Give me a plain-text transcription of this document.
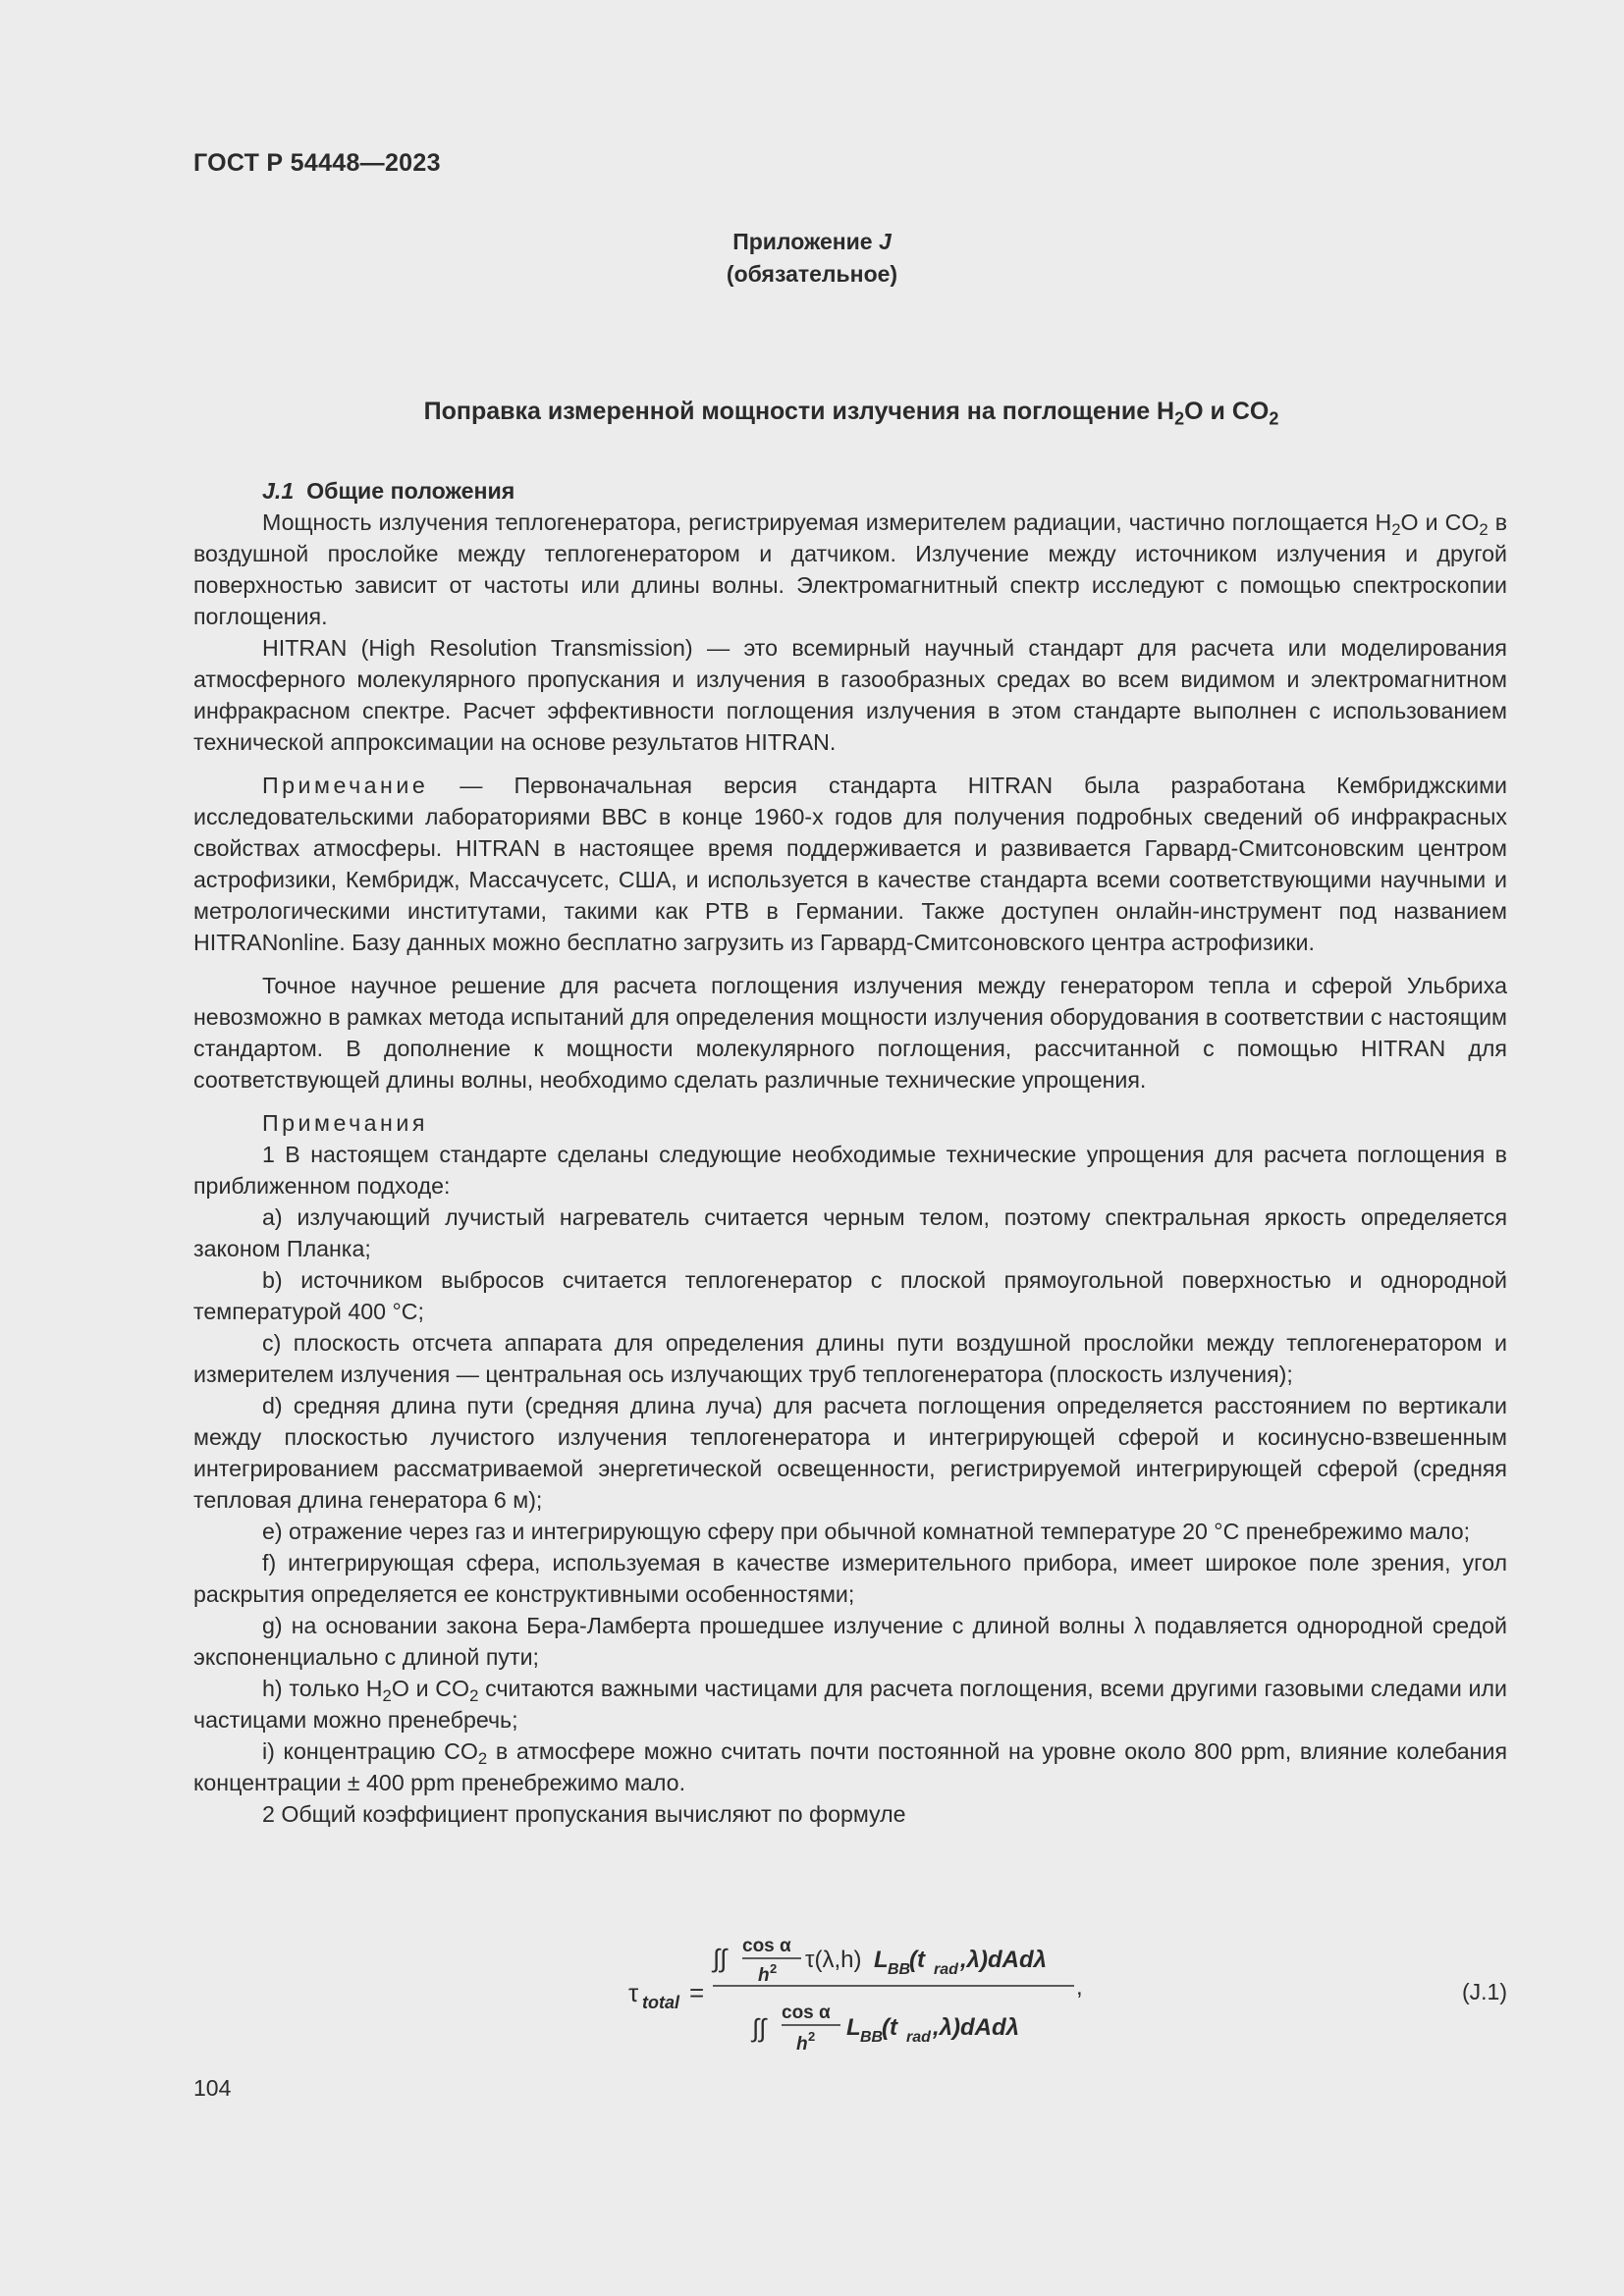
ГОСТ Р 54448—2023
Приложение J
(обязательное)
Поправка измеренной мощности излучения на поглощение $H_2O$ и $CO_2$

J.1 Общие положения

Мощность излучения теплогенератора, регистрируемая измерителем радиации, частично поглощается $H_2O$ и $CO_2$ в воздушной прослойке между теплогенератором и датчиком. Излучение между источником излучения и другой поверхностью зависит от частоты или длины волны. Электромагнитный спектр исследуют с помощью спектроскопии поглощения.

HITRAN (High Resolution Transmission) — это всемирный научный стандарт для расчета или моделирования атмосферного молекулярного пропускания и излучения в газообразных средах во всем видимом и электромагнитном инфракрасном спектре. Расчет эффективности поглощения излучения в этом стандарте выполнен с использованием технической аппроксимации на основе результатов HITRAN.

Примечание — Первоначальная версия стандарта HITRAN была разработана Кембриджскими исследовательскими лабораториями ВВС в конце 1960-х годов для получения подробных сведений об инфракрасных свойствах атмосферы. HITRAN в настоящее время поддерживается и развивается Гарвард-Смитсоновским центром астрофизики, Кембридж, Массачусетс, США, и используется в качестве стандарта всеми соответствующими научными и метрологическими институтами, такими как PTB в Германии. Также доступен онлайн-инструмент под названием HITRANonline. Базу данных можно бесплатно загрузить из Гарвард-Смитсоновского центра астрофизики.

Точное научное решение для расчета поглощения излучения между генератором тепла и сферой Ульбриха невозможно в рамках метода испытаний для определения мощности излучения оборудования в соответствии с настоящим стандартом. В дополнение к мощности молекулярного поглощения, рассчитанной с помощью HITRAN для соответствующей длины волны, необходимо сделать различные технические упрощения.

Примечания

1 В настоящем стандарте сделаны следующие необходимые технические упрощения для расчета поглощения в приближенном подходе:

a) излучающий лучистый нагреватель считается черным телом, поэтому спектральная яркость определяется законом Планка;

b) источником выбросов считается теплогенератор с плоской прямоугольной поверхностью и однородной температурой 400 °С;

c) плоскость отсчета аппарата для определения длины пути воздушной прослойки между теплогенератором и измерителем излучения — центральная ось излучающих труб теплогенератора (плоскость излучения);

d) средняя длина пути (средняя длина луча) для расчета поглощения определяется расстоянием по вертикали между плоскостью лучистого излучения теплогенератора и интегрирующей сферой и косинусно-взвешенным интегрированием рассматриваемой энергетической освещенности, регистрируемой интегрирующей сферой (средняя тепловая длина генератора 6 м);

e) отражение через газ и интегрирующую сферу при обычной комнатной температуре 20 °С пренебрежимо мало;

f) интегрирующая сфера, используемая в качестве измерительного прибора, имеет широкое поле зрения, угол раскрытия определяется ее конструктивными особенностями;

g) на основании закона Бера-Ламберта прошедшее излучение с длиной волны λ подавляется однородной средой экспоненциально с длиной пути;

h) только $H_2O$ и $CO_2$ считаются важными частицами для расчета поглощения, всеми другими газовыми следами или частицами можно пренебречь;

i) концентрацию $CO_2$ в атмосфере можно считать почти постоянной на уровне около 800 ppm, влияние колебания концентрации ± 400 ppm пренебрежимо мало.

2 Общий коэффициент пропускания вычисляют по формуле

τ total =
∫∫ cos α
h 2 τ(λ,h) L BB
(t rad ,λ)dAdλ
,
∫∫
cos α
h 2 L BB
(t rad ,λ)dAdλ
(J.1)
104
